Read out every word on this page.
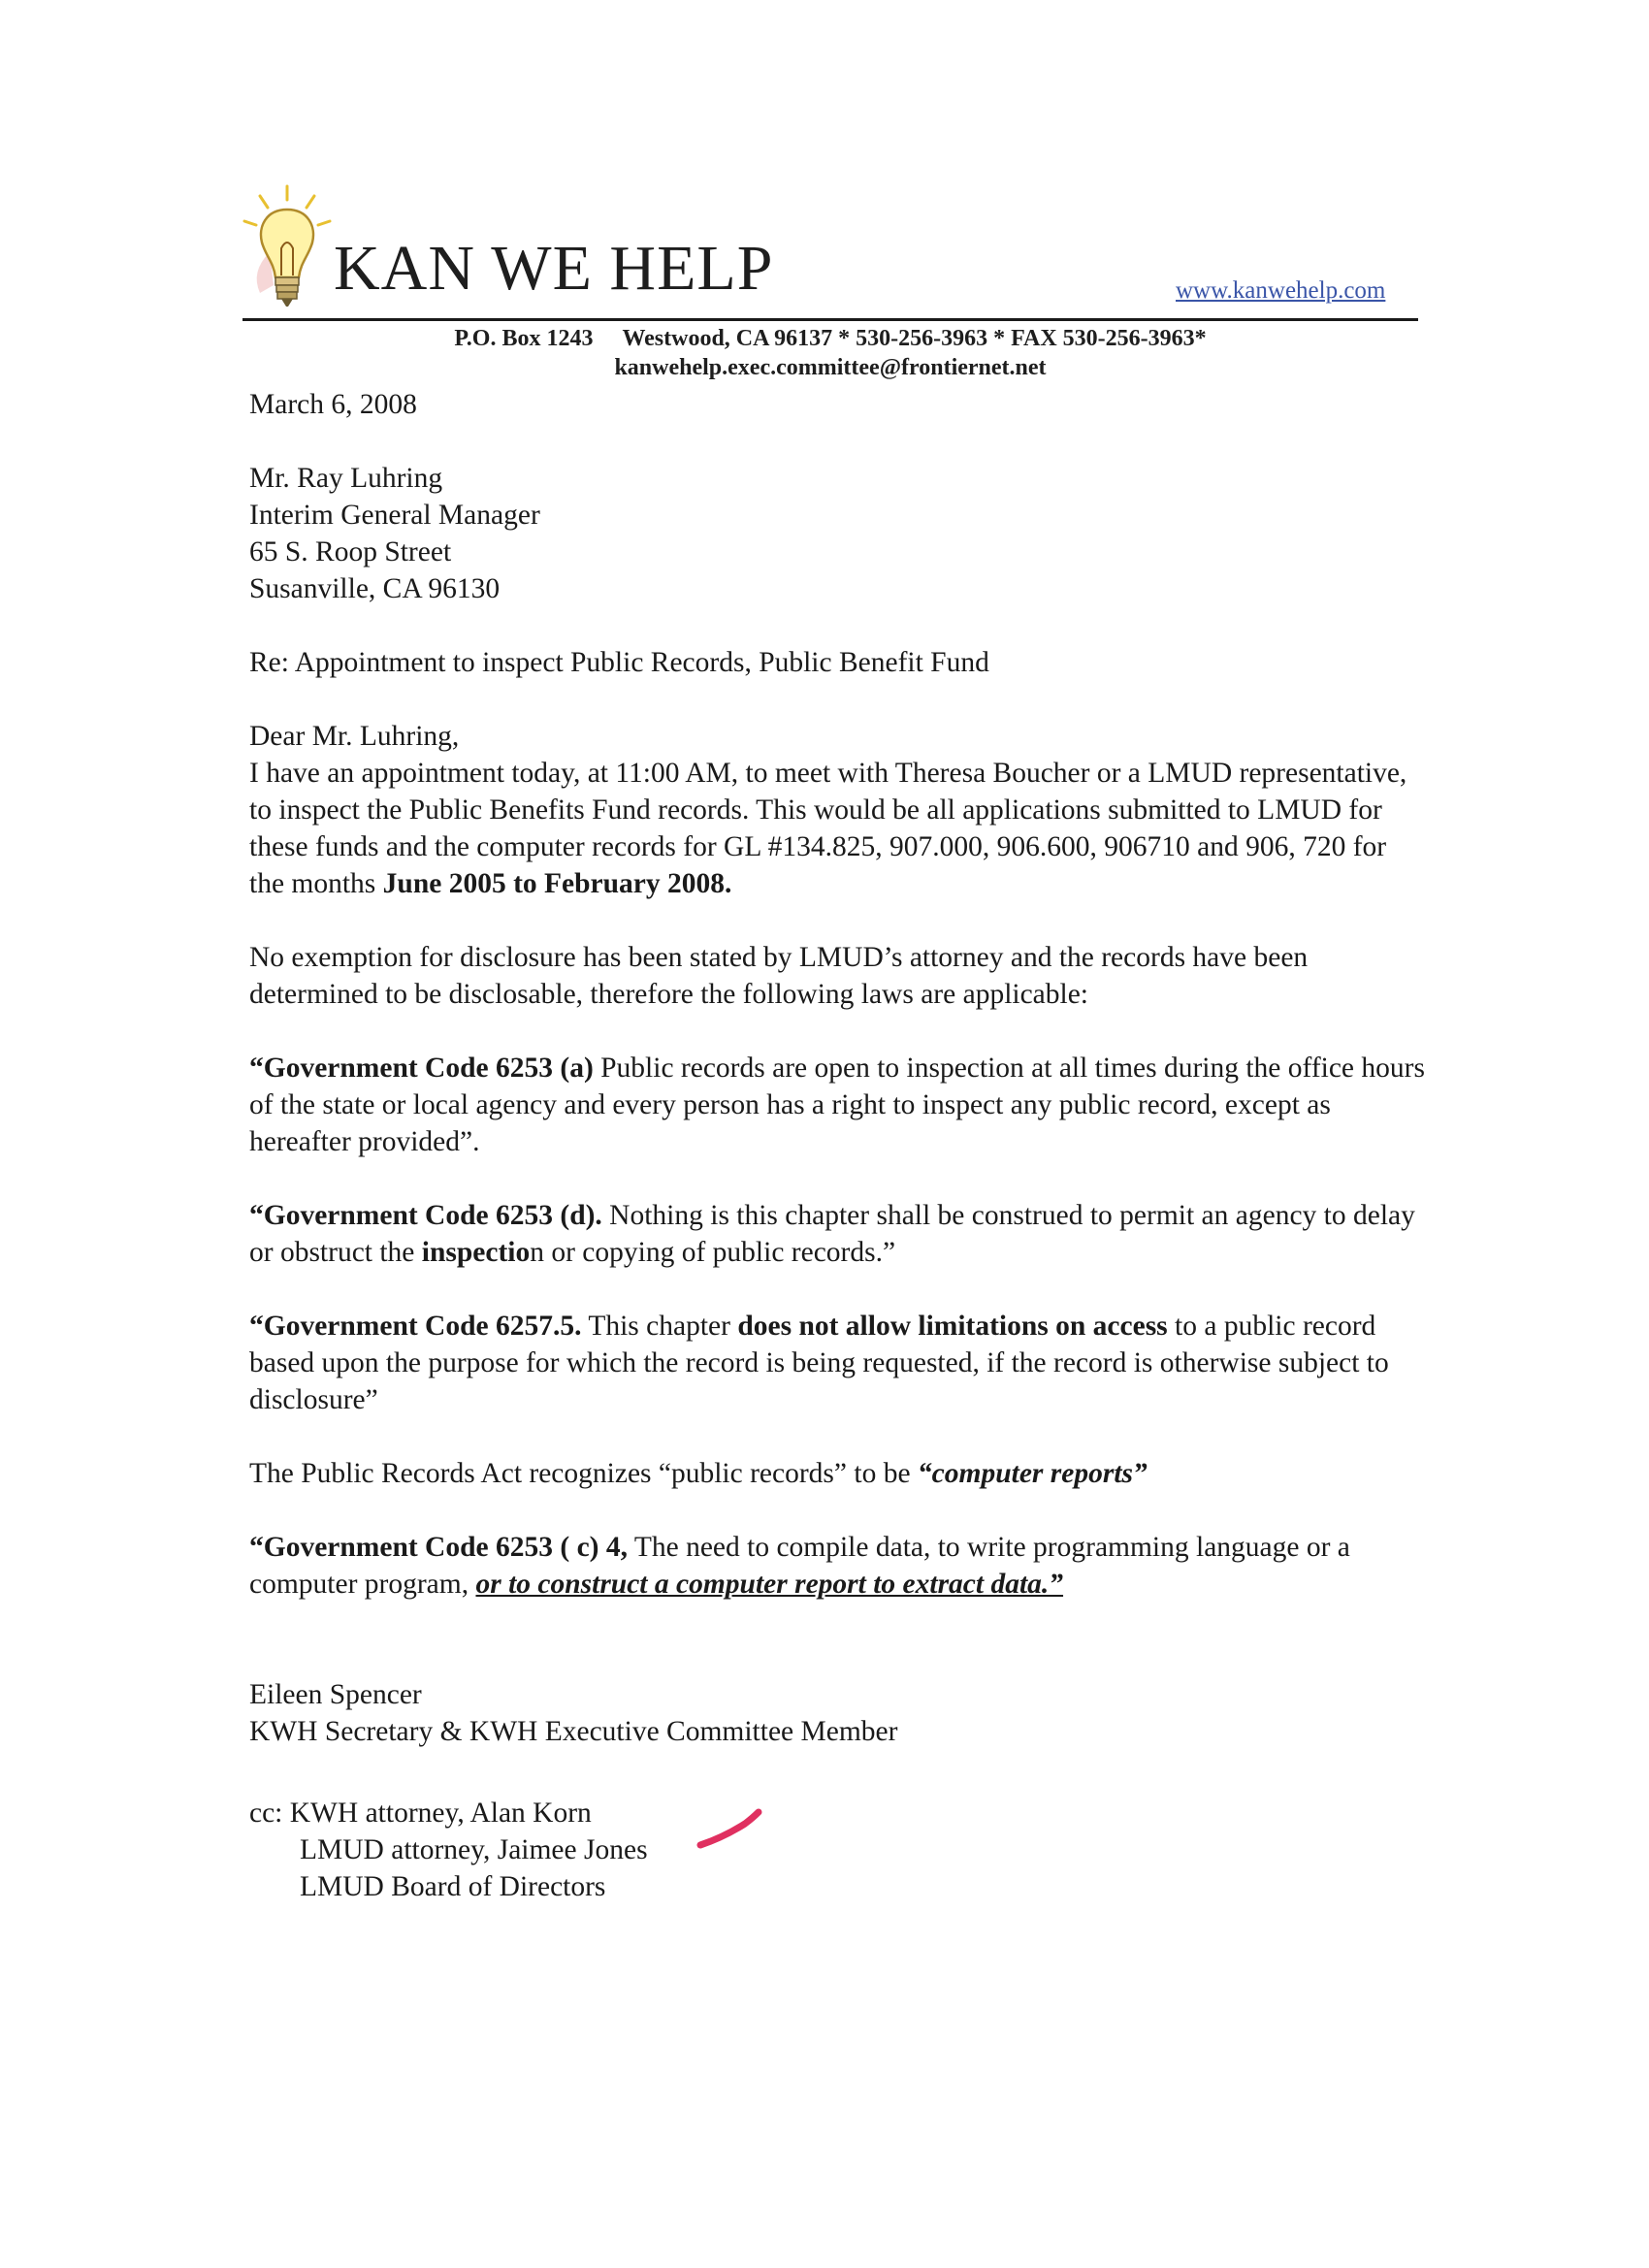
KAN WE HELP	www.kanwehelp.com
P.O. Box 1243 Westwood, CA 96137 * 530-256-3963 * FAX 530-256-3963*
kanwehelp.exec.committee@frontiernet.net
March 6, 2008

Mr. Ray Luhring

Interim General Manager

65 S. Roop Street

Susanville, CA 96130

Re: Appointment to inspect Public Records, Public Benefit Fund
Dear Mr. Luhring,
I have an appointment today, at 11:00 AM, to meet with Theresa Boucher or a LMUD representative, to inspect the Public Benefits Fund records. This would be all applications submitted to LMUD for these funds and the computer records for GL #134.825, 907.000, 906.600, 906710 and 906, 720 for the months June 2005 to February 2008.
No exemption for disclosure has been stated by LMUD’s attorney and the records have been determined to be disclosable, therefore the following laws are applicable:
“Government Code 6253 (a) Public records are open to inspection at all times during the office hours of the state or local agency and every person has a right to inspect any public record, except as hereafter provided”.
“Government Code 6253 (d). Nothing is this chapter shall be construed to permit an agency to delay or obstruct the inspection or copying of public records.”
“Government Code 6257.5. This chapter does not allow limitations on access to a public record based upon the purpose for which the record is being requested, if the record is otherwise subject to disclosure”
The Public Records Act recognizes “public records” to be “computer reports”
“Government Code 6253 ( c) 4, The need to compile data, to write programming language or a computer program, or to construct a computer report to extract data.”

Eileen Spencer

KWH Secretary & KWH Executive Committee Member

cc: KWH attorney, Alan Korn

LMUD attorney, Jaimee Jones

LMUD Board of Directors
